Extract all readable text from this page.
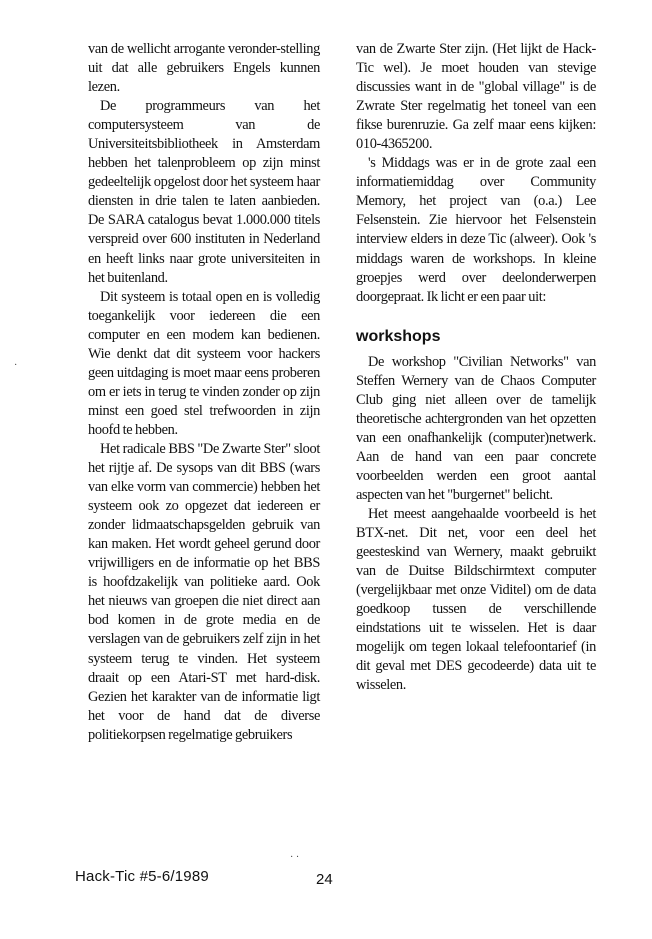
van de wellicht arrogante veronder-stelling uit dat alle gebruikers Engels kunnen lezen.

De programmeurs van het computersysteem van de Universiteitsbibliotheek in Amsterdam hebben het talenprobleem op zijn minst gedeeltelijk opgelost door het systeem haar diensten in drie talen te laten aanbieden. De SARA catalogus bevat 1.000.000 titels verspreid over 600 instituten in Nederland en heeft links naar grote universiteiten in het buitenland.

Dit systeem is totaal open en is volledig toegankelijk voor iedereen die een computer en een modem kan bedienen. Wie denkt dat dit systeem voor hackers geen uitdaging is moet maar eens proberen om er iets in terug te vinden zonder op zijn minst een goed stel trefwoorden in zijn hoofd te hebben.

Het radicale BBS "De Zwarte Ster" sloot het rijtje af. De sysops van dit BBS (wars van elke vorm van commercie) hebben het systeem ook zo opgezet dat iedereen er zonder lidmaatschapsgelden gebruik van kan maken. Het wordt geheel gerund door vrijwilligers en de informatie op het BBS is hoofdzakelijk van politieke aard. Ook het nieuws van groepen die niet direct aan bod komen in de grote media en de verslagen van de gebruikers zelf zijn in het systeem terug te vinden. Het systeem draait op een Atari-ST met hard-disk. Gezien het karakter van de informatie ligt het voor de hand dat de diverse politiekorpsen regelmatige gebruikers

van de Zwarte Ster zijn. (Het lijkt de Hack-Tic wel). Je moet houden van stevige discussies want in de "global village" is de Zwrate Ster regelmatig het toneel van een fikse burenruzie. Ga zelf maar eens kijken: 010-4365200.

's Middags was er in de grote zaal een informatiemiddag over Community Memory, het project van (o.a.) Lee Felsenstein. Zie hiervoor het Felsenstein interview elders in deze Tic (alweer). Ook 's middags waren de workshops. In kleine groepjes werd over deelonderwerpen doorgepraat. Ik licht er een paar uit:

workshops

De workshop "Civilian Networks" van Steffen Wernery van de Chaos Computer Club ging niet alleen over de tamelijk theoretische achtergronden van het opzetten van een onafhankelijk (computer)netwerk. Aan de hand van een paar concrete voorbeelden werden een groot aantal aspecten van het "burgernet" belicht.

Het meest aangehaalde voorbeeld is het BTX-net. Dit net, voor een deel het geesteskind van Wernery, maakt gebruikt van de Duitse Bildschirmtext computer (vergelijkbaar met onze Viditel) om de data goedkoop tussen de verschillende eindstations uit te wisselen. Het is daar mogelijk om tegen lokaal telefoontarief (in dit geval met DES gecodeerde) data uit te wisselen.

·
· ·
Hack-Tic #5-6/1989	24
